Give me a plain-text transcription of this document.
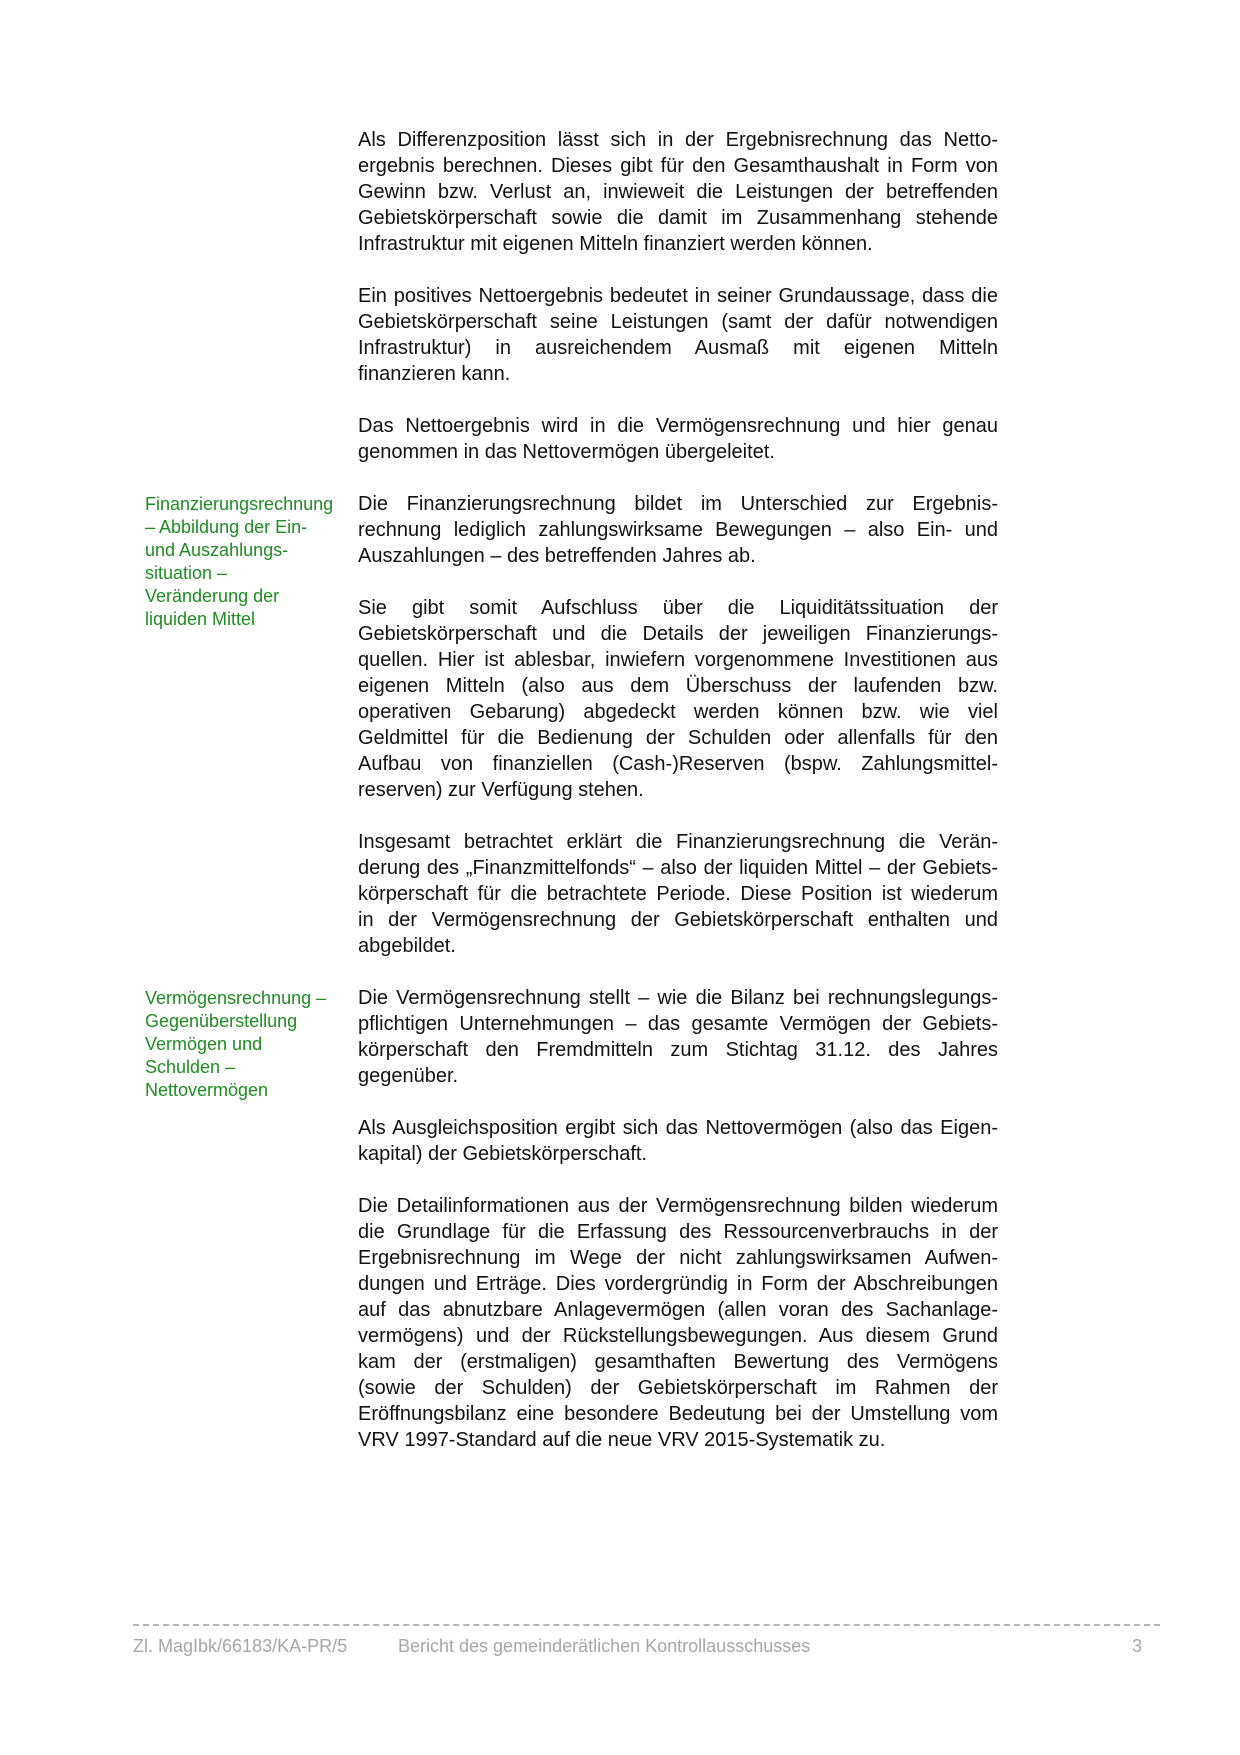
Als Differenzposition lässt sich in der Ergebnisrechnung das Netto-
ergebnis berechnen. Dieses gibt für den Gesamthaushalt in Form von
Gewinn bzw. Verlust an, inwieweit die Leistungen der betreffenden
Gebietskörperschaft sowie die damit im Zusammenhang stehende
Infrastruktur mit eigenen Mitteln finanziert werden können.

Ein positives Nettoergebnis bedeutet in seiner Grundaussage, dass die
Gebietskörperschaft seine Leistungen (samt der dafür notwendigen
Infrastruktur) in ausreichendem Ausmaß mit eigenen Mitteln
finanzieren kann.

Das Nettoergebnis wird in die Vermögensrechnung und hier genau
genommen in das Nettovermögen übergeleitet.

Finanzierungsrechnung
– Abbildung der Ein-
und Auszahlungs-
situation –
Veränderung der
liquiden Mittel

Die Finanzierungsrechnung bildet im Unterschied zur Ergebnis-
rechnung lediglich zahlungswirksame Bewegungen – also Ein- und
Auszahlungen – des betreffenden Jahres ab.

Sie gibt somit Aufschluss über die Liquiditätssituation der
Gebietskörperschaft und die Details der jeweiligen Finanzierungs-
quellen. Hier ist ablesbar, inwiefern vorgenommene Investitionen aus
eigenen Mitteln (also aus dem Überschuss der laufenden bzw.
operativen Gebarung) abgedeckt werden können bzw. wie viel
Geldmittel für die Bedienung der Schulden oder allenfalls für den
Aufbau von finanziellen (Cash-)Reserven (bspw. Zahlungsmittel-
reserven) zur Verfügung stehen.

Insgesamt betrachtet erklärt die Finanzierungsrechnung die Verän-
derung des „Finanzmittelfonds“ – also der liquiden Mittel – der Gebiets-
körperschaft für die betrachtete Periode. Diese Position ist wiederum
in der Vermögensrechnung der Gebietskörperschaft enthalten und
abgebildet.

Vermögensrechnung –
Gegenüberstellung
Vermögen und
Schulden –
Nettovermögen

Die Vermögensrechnung stellt – wie die Bilanz bei rechnungslegungs-
pflichtigen Unternehmungen – das gesamte Vermögen der Gebiets-
körperschaft den Fremdmitteln zum Stichtag 31.12. des Jahres
gegenüber.

Als Ausgleichsposition ergibt sich das Nettovermögen (also das Eigen-
kapital) der Gebietskörperschaft.

Die Detailinformationen aus der Vermögensrechnung bilden wiederum
die Grundlage für die Erfassung des Ressourcenverbrauchs in der
Ergebnisrechnung im Wege der nicht zahlungswirksamen Aufwen-
dungen und Erträge. Dies vordergründig in Form der Abschreibungen
auf das abnutzbare Anlagevermögen (allen voran des Sachanlage-
vermögens) und der Rückstellungsbewegungen. Aus diesem Grund
kam der (erstmaligen) gesamthaften Bewertung des Vermögens
(sowie der Schulden) der Gebietskörperschaft im Rahmen der
Eröffnungsbilanz eine besondere Bedeutung bei der Umstellung vom
VRV 1997-Standard auf die neue VRV 2015-Systematik zu.

Zl. MagIbk/66183/KA-PR/5	Bericht des gemeinderätlichen Kontrollausschusses	3
